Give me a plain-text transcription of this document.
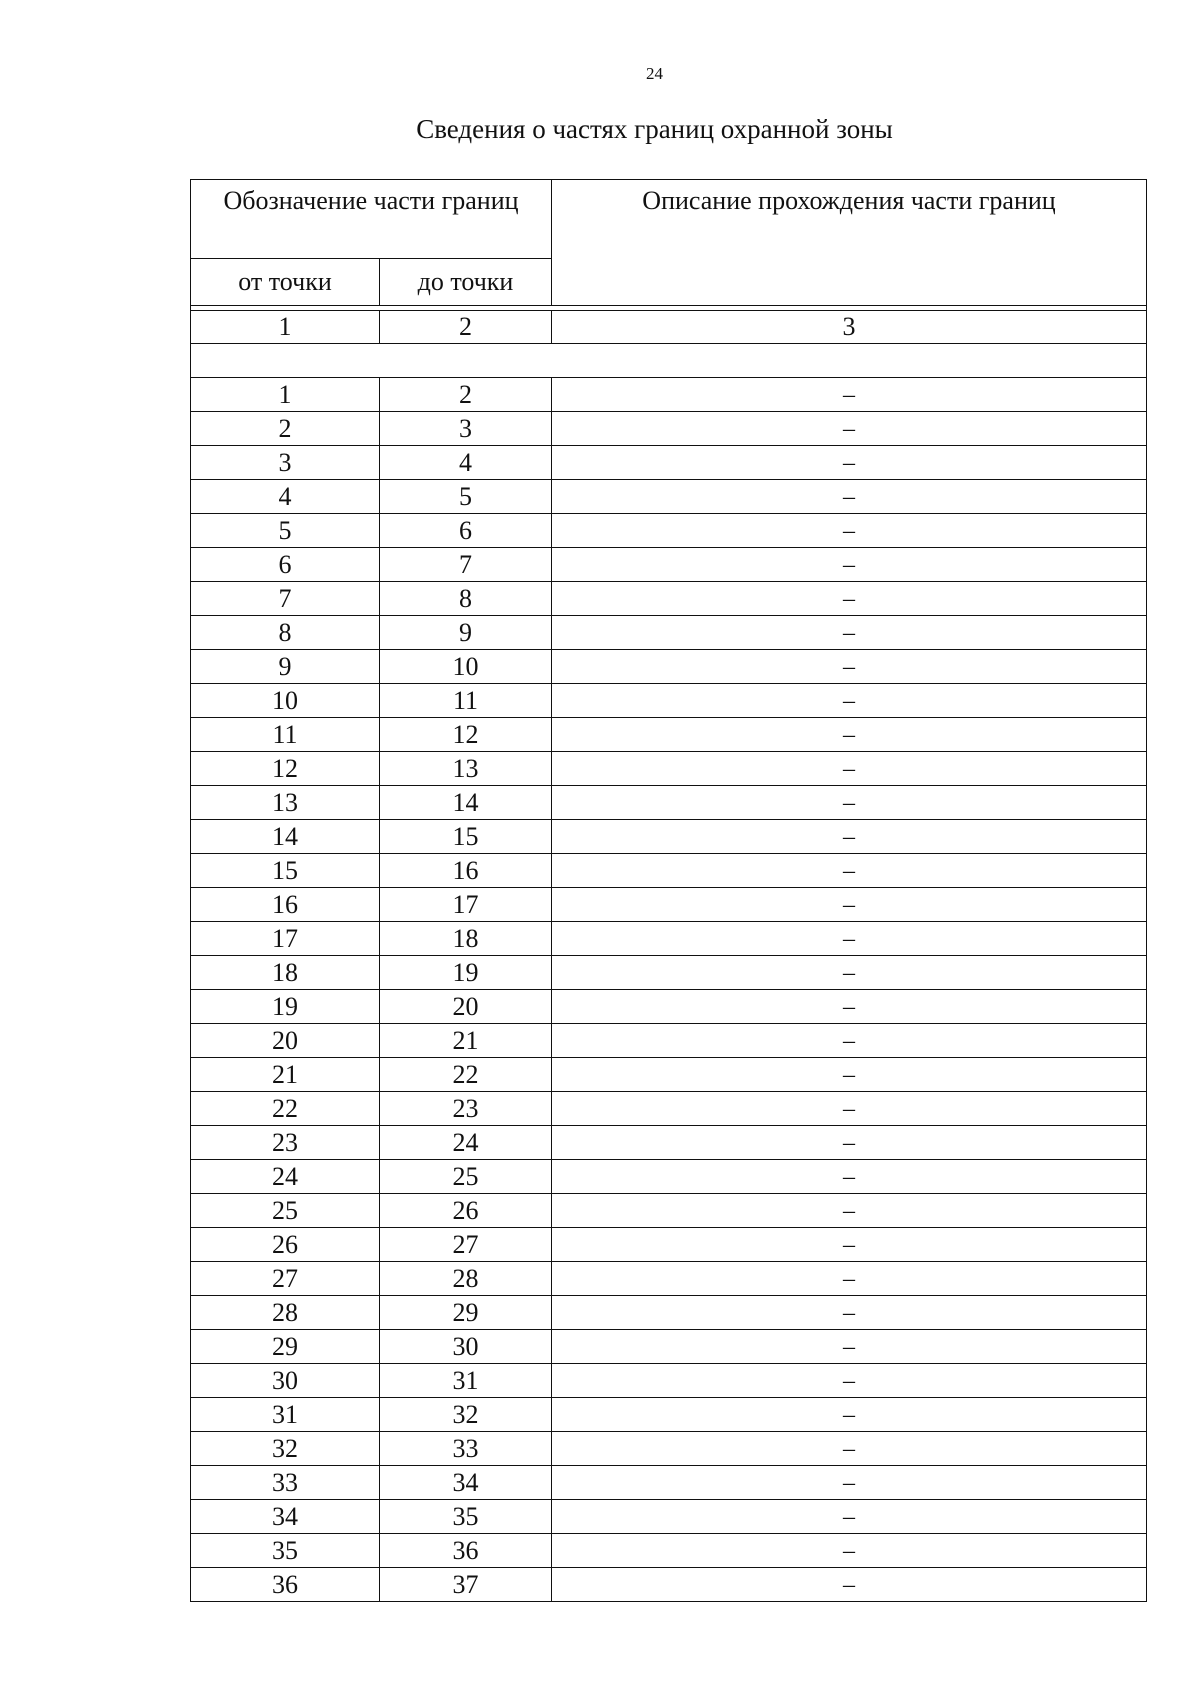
24
Сведения о частях границ охранной зоны
Обозначение части границ		Описание прохождения части границ
от точки	до точки	

1	2	3

1	2	–
2	3	–
3	4	–
4	5	–
5	6	–
6	7	–
7	8	–
8	9	–
9	10	–
10	11	–
11	12	–
12	13	–
13	14	–
14	15	–
15	16	–
16	17	–
17	18	–
18	19	–
19	20	–
20	21	–
21	22	–
22	23	–
23	24	–
24	25	–
25	26	–
26	27	–
27	28	–
28	29	–
29	30	–
30	31	–
31	32	–
32	33	–
33	34	–
34	35	–
35	36	–
36	37	–
